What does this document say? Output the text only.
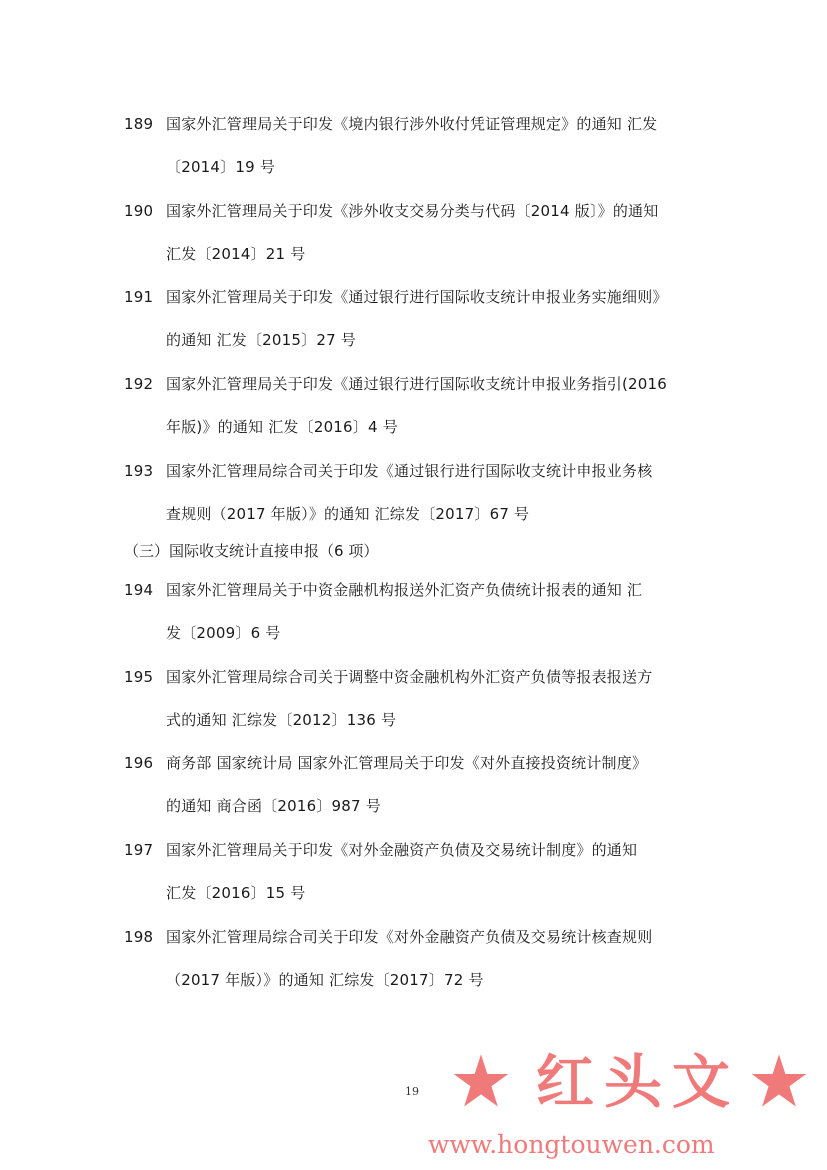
189 国家外汇管理局关于印发《境内银行涉外收付凭证管理规定》的通知 汇发
〔2014〕19 号
190 国家外汇管理局关于印发《涉外收支交易分类与代码〔2014 版〕》的通知
汇发〔2014〕21 号
191 国家外汇管理局关于印发《通过银行进行国际收支统计申报业务实施细则》
的通知 汇发〔2015〕27 号
192 国家外汇管理局关于印发《通过银行进行国际收支统计申报业务指引(2016
年版)》的通知 汇发〔2016〕4 号
193 国家外汇管理局综合司关于印发《通过银行进行国际收支统计申报业务核
查规则（2017 年版）》的通知 汇综发〔2017〕67 号
（三）国际收支统计直接申报（6 项）
194 国家外汇管理局关于中资金融机构报送外汇资产负债统计报表的通知 汇
发〔2009〕6 号
195 国家外汇管理局综合司关于调整中资金融机构外汇资产负债等报表报送方
式的通知 汇综发〔2012〕136 号
196 商务部 国家统计局 国家外汇管理局关于印发《对外直接投资统计制度》
的通知 商合函〔2016〕987 号
197 国家外汇管理局关于印发《对外金融资产负债及交易统计制度》的通知
汇发〔2016〕15 号
198 国家外汇管理局综合司关于印发《对外金融资产负债及交易统计核查规则
（2017 年版）》的通知 汇综发〔2017〕72 号
19 红头文
www.hongtouwen.com
